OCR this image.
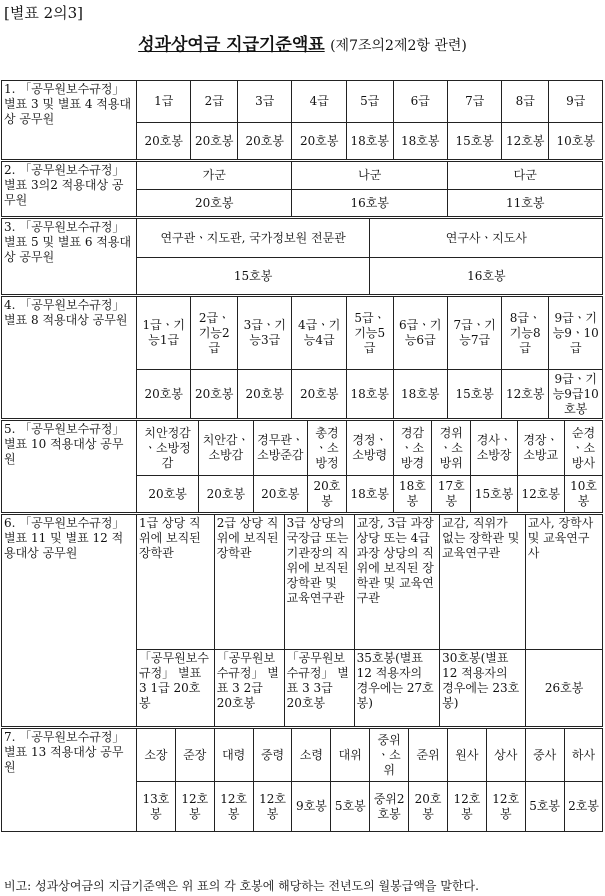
[별표 2의3]
성과상여금 지급기준액표 (제7조의2제2항 관련)
1. 「공무원보수규정」 별표 3 및 별표 4 적용대상 공무원	1급		2급			3급			4급			5급			6급				7급			8급			9급	
	20호봉		20호봉			20호봉			20호봉			18호봉			18호봉				15호봉			12호봉			10호봉	
2. 「공무원보수규정」 별표 3의2 적용대상 공무원	가군								나군										다군							
	20호봉								16호봉										11호봉							
3. 「공무원보수규정」 별표 5 및 별표 6 적용대상 공무원	연구관ㆍ지도관, 국가정보원 전문관													연구사ㆍ지도사												
	15호봉													16호봉												
4. 「공무원보수규정」 별표 8 적용대상 공무원	1급ㆍ기능1급		2급ㆍ기능2급			3급ㆍ기능3급			4급ㆍ기능4급			5급ㆍ기능5급			6급ㆍ기능6급				7급ㆍ기능7급			8급ㆍ기능8급			9급ㆍ기능9ㆍ10급	
	20호봉		20호봉			20호봉			20호봉			18호봉			18호봉				15호봉			12호봉			9급ㆍ기능9급10호봉	
5. 「공무원보수규정」 별표 10 적용대상 공무원	치안정감ㆍ소방정감			치안감ㆍ소방감			경무관ㆍ소방준감			총경ㆍ소방정		경정ㆍ소방령			경감ㆍ소방경		경위ㆍ소방위			경사ㆍ소방장			경장ㆍ소방교			순경ㆍ소방사
	20호봉			20호봉			20호봉			20호봉		18호봉			18호봉		17호봉			15호봉			12호봉			10호봉
6. 「공무원보수규정」 별표 11 및 별표 12 적용대상 공무원	1급 상당 직위에 보직된 장학관				2급 상당 직위에 보직된 장학관			3급 상당의 국장급 또는 기관장의 직위에 보직된 장학관 및 교육연구관					교장, 3급 과장 상당 또는 4급 과장 상당의 직위에 보직된 장학관 및 교육연구관					교감, 직위가 없는 장학관 및 교육연구관						교사, 장학사 및 교육연구사		
	「공무원보수규정」 별표 3 1급 20호봉				「공무원보수규정」 별표 3 2급 20호봉			「공무원보수규정」 별표 3 3급 20호봉					35호봉(별표 12 적용자의 경우에는 27호봉)					30호봉(별표 12 적용자의 경우에는 23호봉)						26호봉		
7. 「공무원보수규정」 별표 13 적용대상 공무원	소장	준장			대령		중령		소령		대위			중위ㆍ소위		준위			원사		상사			중사		하사
	13호봉	12호봉			12호봉		12호봉		9호봉		5호봉			중위2호봉		20호봉			12호봉		12호봉			5호봉		2호봉
비고: 성과상여금의 지급기준액은 위 표의 각 호봉에 해당하는 전년도의 월봉급액을 말한다.
